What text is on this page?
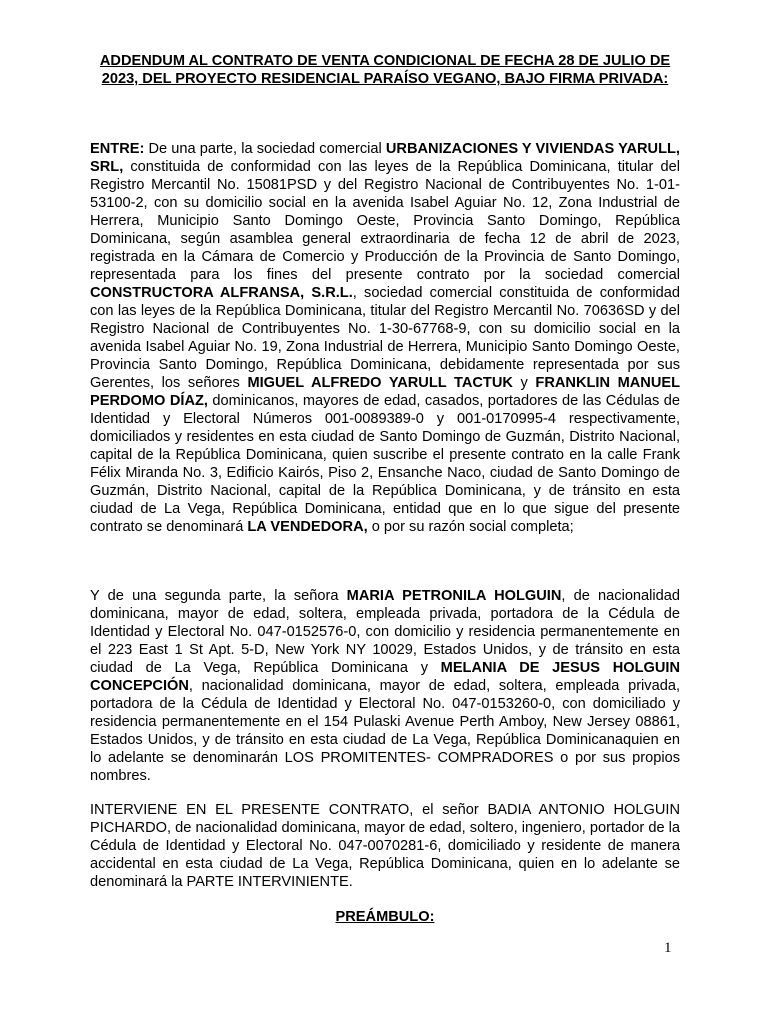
ADDENDUM AL CONTRATO DE VENTA CONDICIONAL DE FECHA 28 DE JULIO DE 2023, DEL PROYECTO RESIDENCIAL PARAÍSO VEGANO, BAJO FIRMA PRIVADA:
ENTRE: De una parte, la sociedad comercial URBANIZACIONES Y VIVIENDAS YARULL, SRL, constituida de conformidad con las leyes de la República Dominicana, titular del Registro Mercantil No. 15081PSD y del Registro Nacional de Contribuyentes No. 1-01-53100-2, con su domicilio social en la avenida Isabel Aguiar No. 12, Zona Industrial de Herrera, Municipio Santo Domingo Oeste, Provincia Santo Domingo, República Dominicana, según asamblea general extraordinaria de fecha 12 de abril de 2023, registrada en la Cámara de Comercio y Producción de la Provincia de Santo Domingo, representada para los fines del presente contrato por la sociedad comercial CONSTRUCTORA ALFRANSA, S.R.L., sociedad comercial constituida de conformidad con las leyes de la República Dominicana, titular del Registro Mercantil No. 70636SD y del Registro Nacional de Contribuyentes No. 1-30-67768-9, con su domicilio social en la avenida Isabel Aguiar No. 19, Zona Industrial de Herrera, Municipio Santo Domingo Oeste, Provincia Santo Domingo, República Dominicana, debidamente representada por sus Gerentes, los señores MIGUEL ALFREDO YARULL TACTUK y FRANKLIN MANUEL PERDOMO DÍAZ, dominicanos, mayores de edad, casados, portadores de las Cédulas de Identidad y Electoral Números 001-0089389-0 y 001-0170995-4 respectivamente, domiciliados y residentes en esta ciudad de Santo Domingo de Guzmán, Distrito Nacional, capital de la República Dominicana, quien suscribe el presente contrato en la calle Frank Félix Miranda No. 3, Edificio Kairós, Piso 2, Ensanche Naco, ciudad de Santo Domingo de Guzmán, Distrito Nacional, capital de la República Dominicana, y de tránsito en esta ciudad de La Vega, República Dominicana, entidad que en lo que sigue del presente contrato se denominará LA VENDEDORA, o por su razón social completa;
Y de una segunda parte, la señora MARIA PETRONILA HOLGUIN, de nacionalidad dominicana, mayor de edad, soltera, empleada privada, portadora de la Cédula de Identidad y Electoral No. 047-0152576-0, con domicilio y residencia permanentemente en el 223 East 1 St Apt. 5-D, New York NY 10029, Estados Unidos, y de tránsito en esta ciudad de La Vega, República Dominicana y MELANIA DE JESUS HOLGUIN CONCEPCIÓN, nacionalidad dominicana, mayor de edad, soltera, empleada privada, portadora de la Cédula de Identidad y Electoral No. 047-0153260-0, con domiciliado y residencia permanentemente en el 154 Pulaski Avenue Perth Amboy, New Jersey 08861, Estados Unidos, y de tránsito en esta ciudad de La Vega, República Dominicanaquien en lo adelante se denominarán LOS PROMITENTES- COMPRADORES o por sus propios nombres.
INTERVIENE EN EL PRESENTE CONTRATO, el señor BADIA ANTONIO HOLGUIN PICHARDO, de nacionalidad dominicana, mayor de edad, soltero, ingeniero, portador de la Cédula de Identidad y Electoral No. 047-0070281-6, domiciliado y residente de manera accidental en esta ciudad de La Vega, República Dominicana, quien en lo adelante se denominará la PARTE INTERVINIENTE.
PREÁMBULO:
1
